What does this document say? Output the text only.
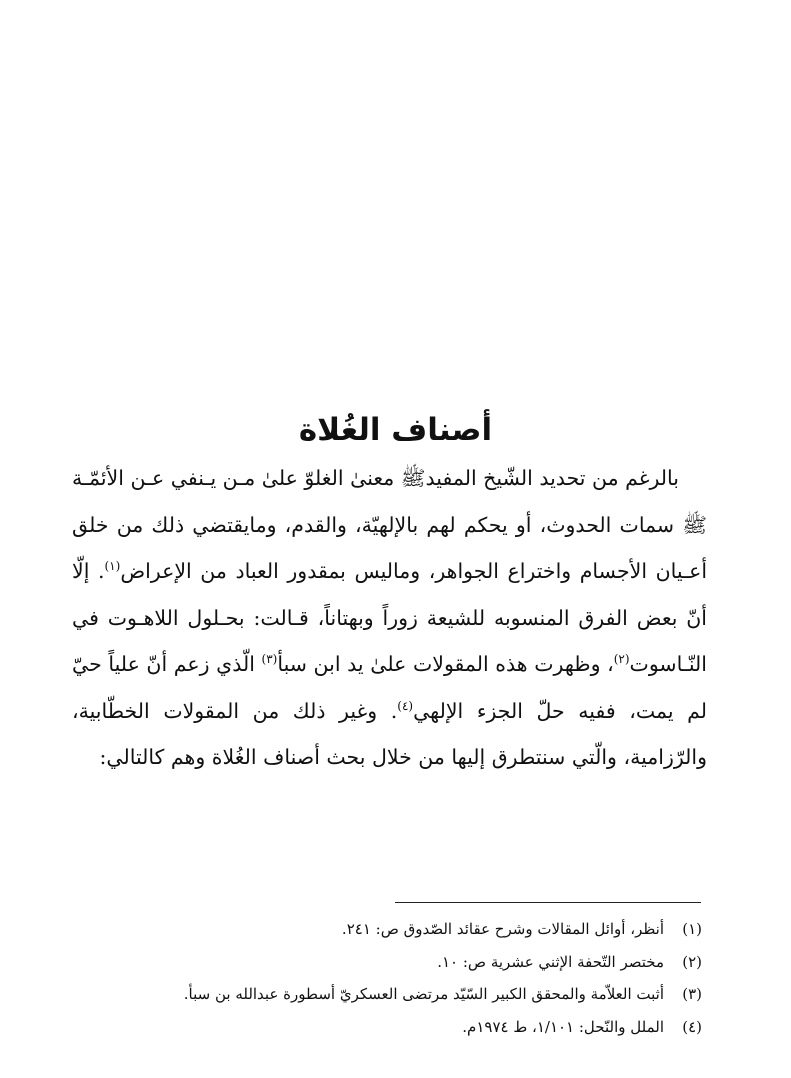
أصناف الغُلاة

بالرغم من تحديد الشّيخ المفيدﷺ معنىٰ الغلوّ علىٰ مـن يـنفي عـن الأئمّـة ﷺ سمات الحدوث، أو يحكم لهم بالإلهيّة، والقدم، ومايقتضي ذلك من خلق أعـيان الأجسام واختراع الجواهر، وماليس بمقدور العباد من الإعراض$^{(١)}$. إلّا أنّ بعض الفرق المنسوبه للشيعة زوراً وبهتاناً، قـالت: بحـلول اللاهـوت في النّـاسوت$^{(٢)}$، وظهرت هذه المقولات علىٰ يد ابن سبأ$^{(٣)}$ الّذي زعم أنّ علياً حيّ لم يمت، ففيه حلّ الجزء الإلهي$^{(٤)}$. وغير ذلك من المقولات الخطّابية، والرّزامية، والّتي سنتطرق إليها من خلال بحث أصناف الغُلاة وهم كالتالي:

(١)
أنظر، أوائل المقالات وشرح عقائد الصّدوق ص: ٢٤١.
(٢)
مختصر التّحفة الإثني عشرية ص: ١٠.
(٣)
أثبت العلاّمة والمحقق الكبير السّيّد مرتضى العسكريّ أسطورة عبدالله بن سبأ.
(٤)
الملل والنّحل: ١/١٠١، ط ١٩٧٤م.
